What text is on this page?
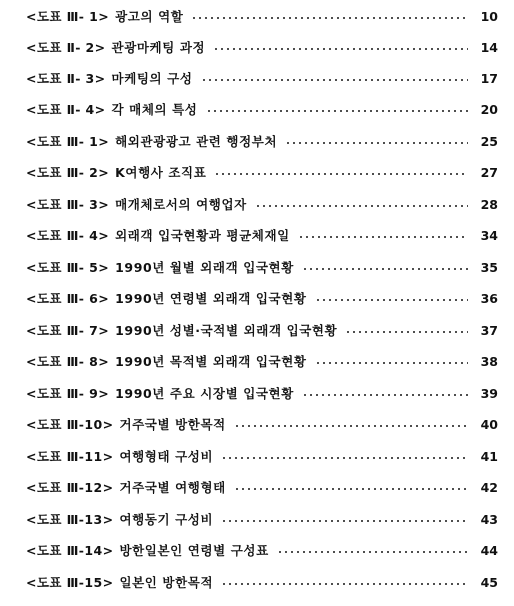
<도표 Ⅲ- 1> 광고의 역할	10
<도표 Ⅱ- 2> 관광마케팅 과정	14
<도표 Ⅱ- 3> 마케팅의 구성	17
<도표 Ⅱ- 4> 각 매체의 특성	20
<도표 Ⅲ- 1> 해외관광광고 관련 행정부처	25
<도표 Ⅲ- 2> K여행사 조직표	27
<도표 Ⅲ- 3> 매개체로서의 여행업자	28
<도표 Ⅲ- 4> 외래객 입국현황과 평균체재일	34
<도표 Ⅲ- 5> 1990년 월별 외래객 입국현황	35
<도표 Ⅲ- 6> 1990년 연령별 외래객 입국현황	36
<도표 Ⅲ- 7> 1990년 성별·국적별 외래객 입국현황	37
<도표 Ⅲ- 8> 1990년 목적별 외래객 입국현황	38
<도표 Ⅲ- 9> 1990년 주요 시장별 입국현황	39
<도표 Ⅲ-10> 거주국별 방한목적	40
<도표 Ⅲ-11> 여행형태 구성비	41
<도표 Ⅲ-12> 거주국별 여행형태	42
<도표 Ⅲ-13> 여행동기 구성비	43
<도표 Ⅲ-14> 방한일본인 연령별 구성표	44
<도표 Ⅲ-15> 일본인 방한목적	45
